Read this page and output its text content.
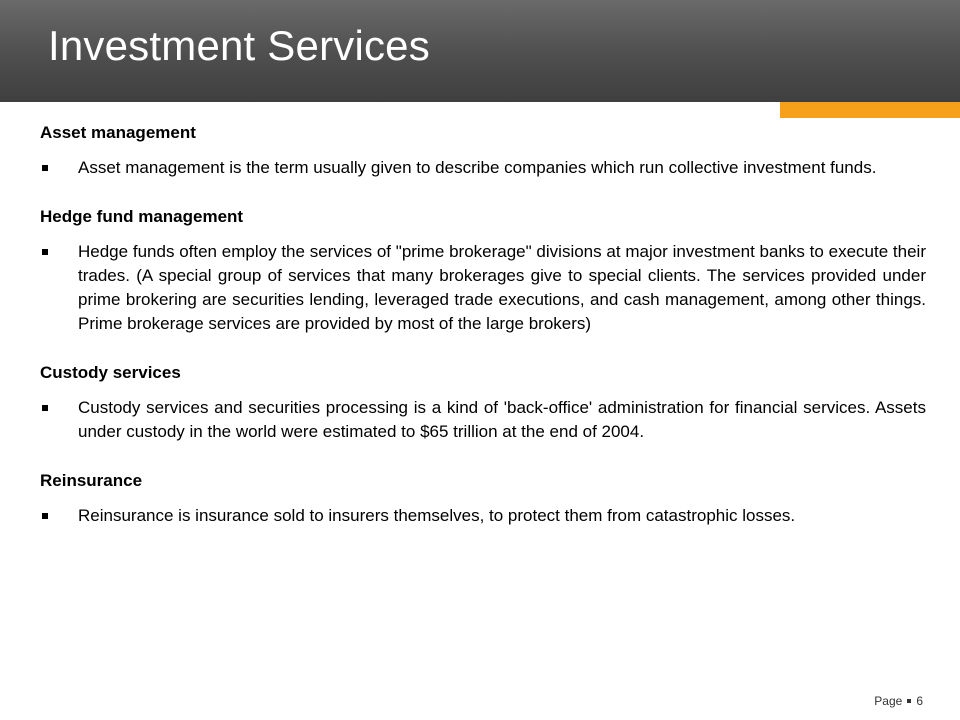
Investment Services
Asset management
Asset management is the term usually given to describe companies which run collective investment funds.
Hedge fund management
Hedge funds often employ the services of "prime brokerage" divisions at major investment banks to execute their trades. (A special group of services that many brokerages give to special clients. The services provided under prime brokering are securities lending, leveraged trade executions, and cash management, among other things. Prime brokerage services are provided by most of the large brokers)
Custody services
Custody services and securities processing is a kind of 'back-office' administration for financial services. Assets under custody in the world were estimated to $65 trillion at the end of 2004.
Reinsurance
Reinsurance is insurance sold to insurers themselves, to protect them from catastrophic losses.
Page 6
